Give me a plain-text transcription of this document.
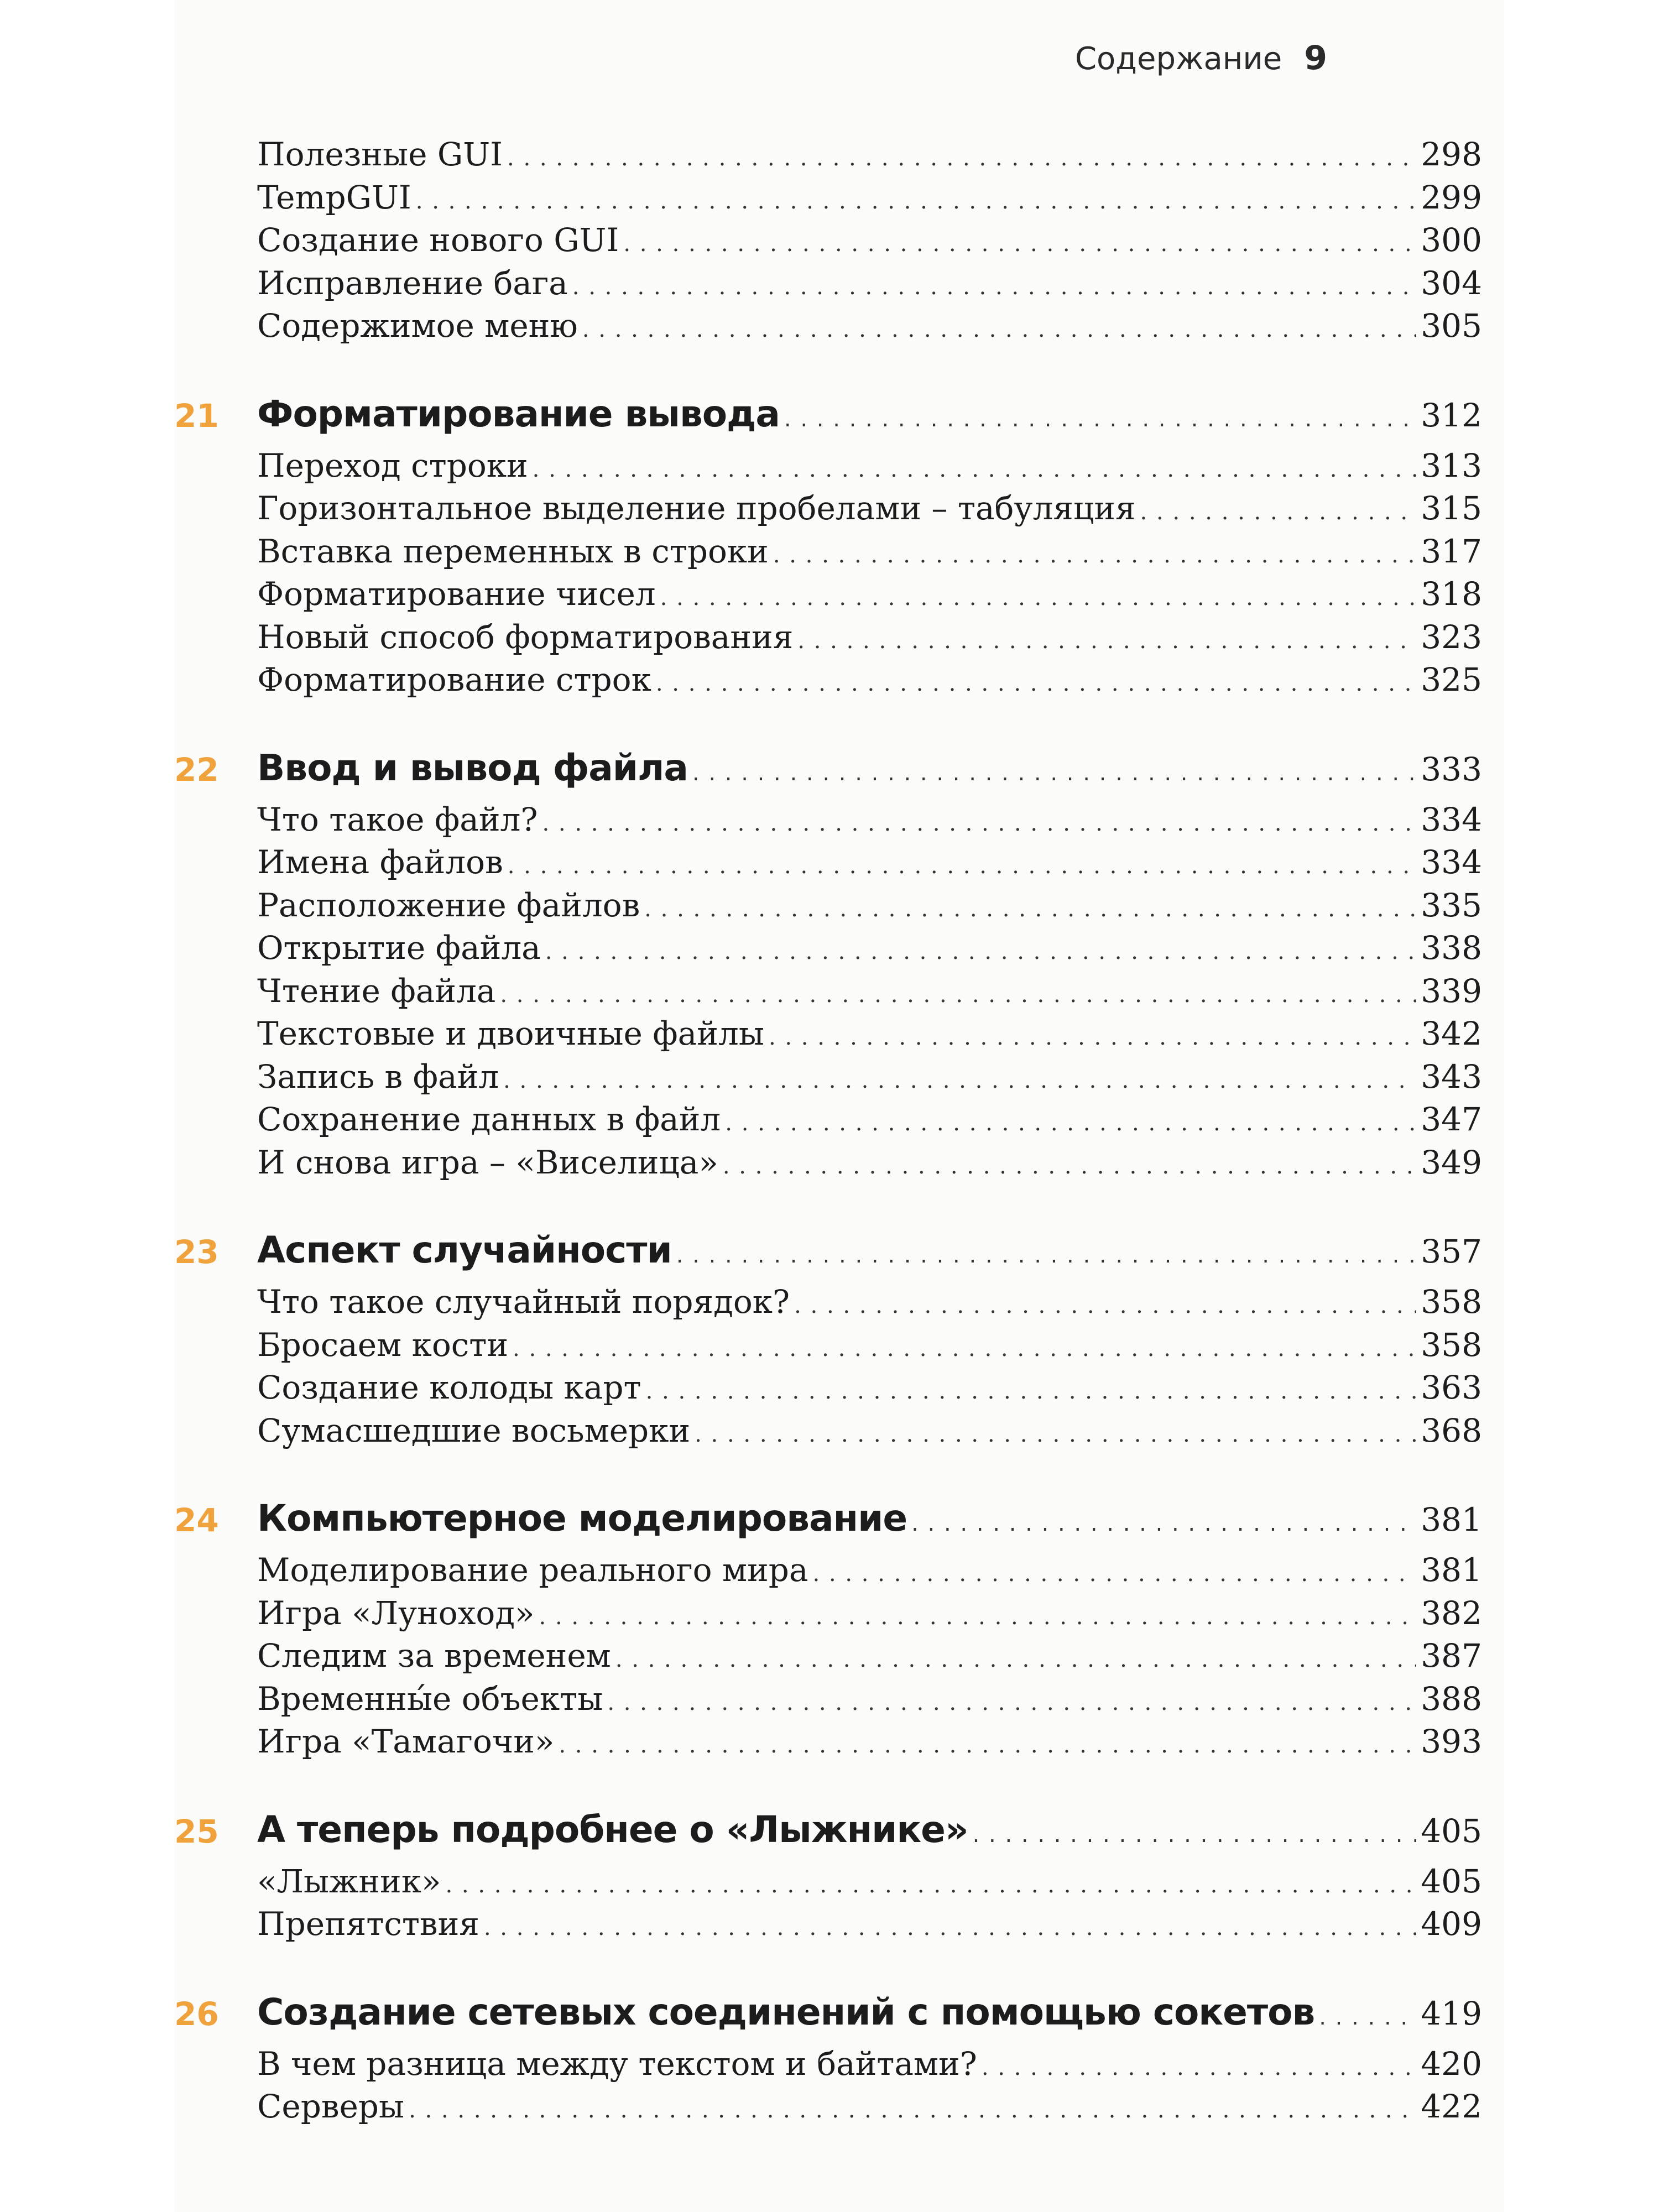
Содержание 9
Полезные GUI . . .	298
TempGUI . . .	299
Создание нового GUI . . .	300
Исправление бага . . .	304
Содержимое меню . . .	305
21	Форматирование вывода . . .	312
Переход строки . . .	313
Горизонтальное выделение пробелами – табуляция . . .	315
Вставка переменных в строки . . .	317
Форматирование чисел . . .	318
Новый способ форматирования . . .	323
Форматирование строк . . .	325
22	Ввод и вывод файла . . .	333
Что такое файл? . . .	334
Имена файлов . . .	334
Расположение файлов . . .	335
Открытие файла . . .	338
Чтение файла . . .	339
Текстовые и двоичные файлы . . .	342
Запись в файл . . .	343
Сохранение данных в файл . . .	347
И снова игра – «Виселица» . . .	349
23	Аспект случайности . . .	357
Что такое случайный порядок? . . .	358
Бросаем кости . . .	358
Создание колоды карт . . .	363
Сумасшедшие восьмерки . . .	368
24	Компьютерное моделирование . . .	381
Моделирование реального мира . . .	381
Игра «Луноход» . . .	382
Следим за временем . . .	387
Временны́е объекты . . .	388
Игра «Тамагочи» . . .	393
25	А теперь подробнее о «Лыжнике» . . .	405
«Лыжник» . . .	405
Препятствия . . .	409
26	Создание сетевых соединений с помощью сокетов . . .	419
В чем разница между текстом и байтами? . . .	420
Серверы . . .	422
